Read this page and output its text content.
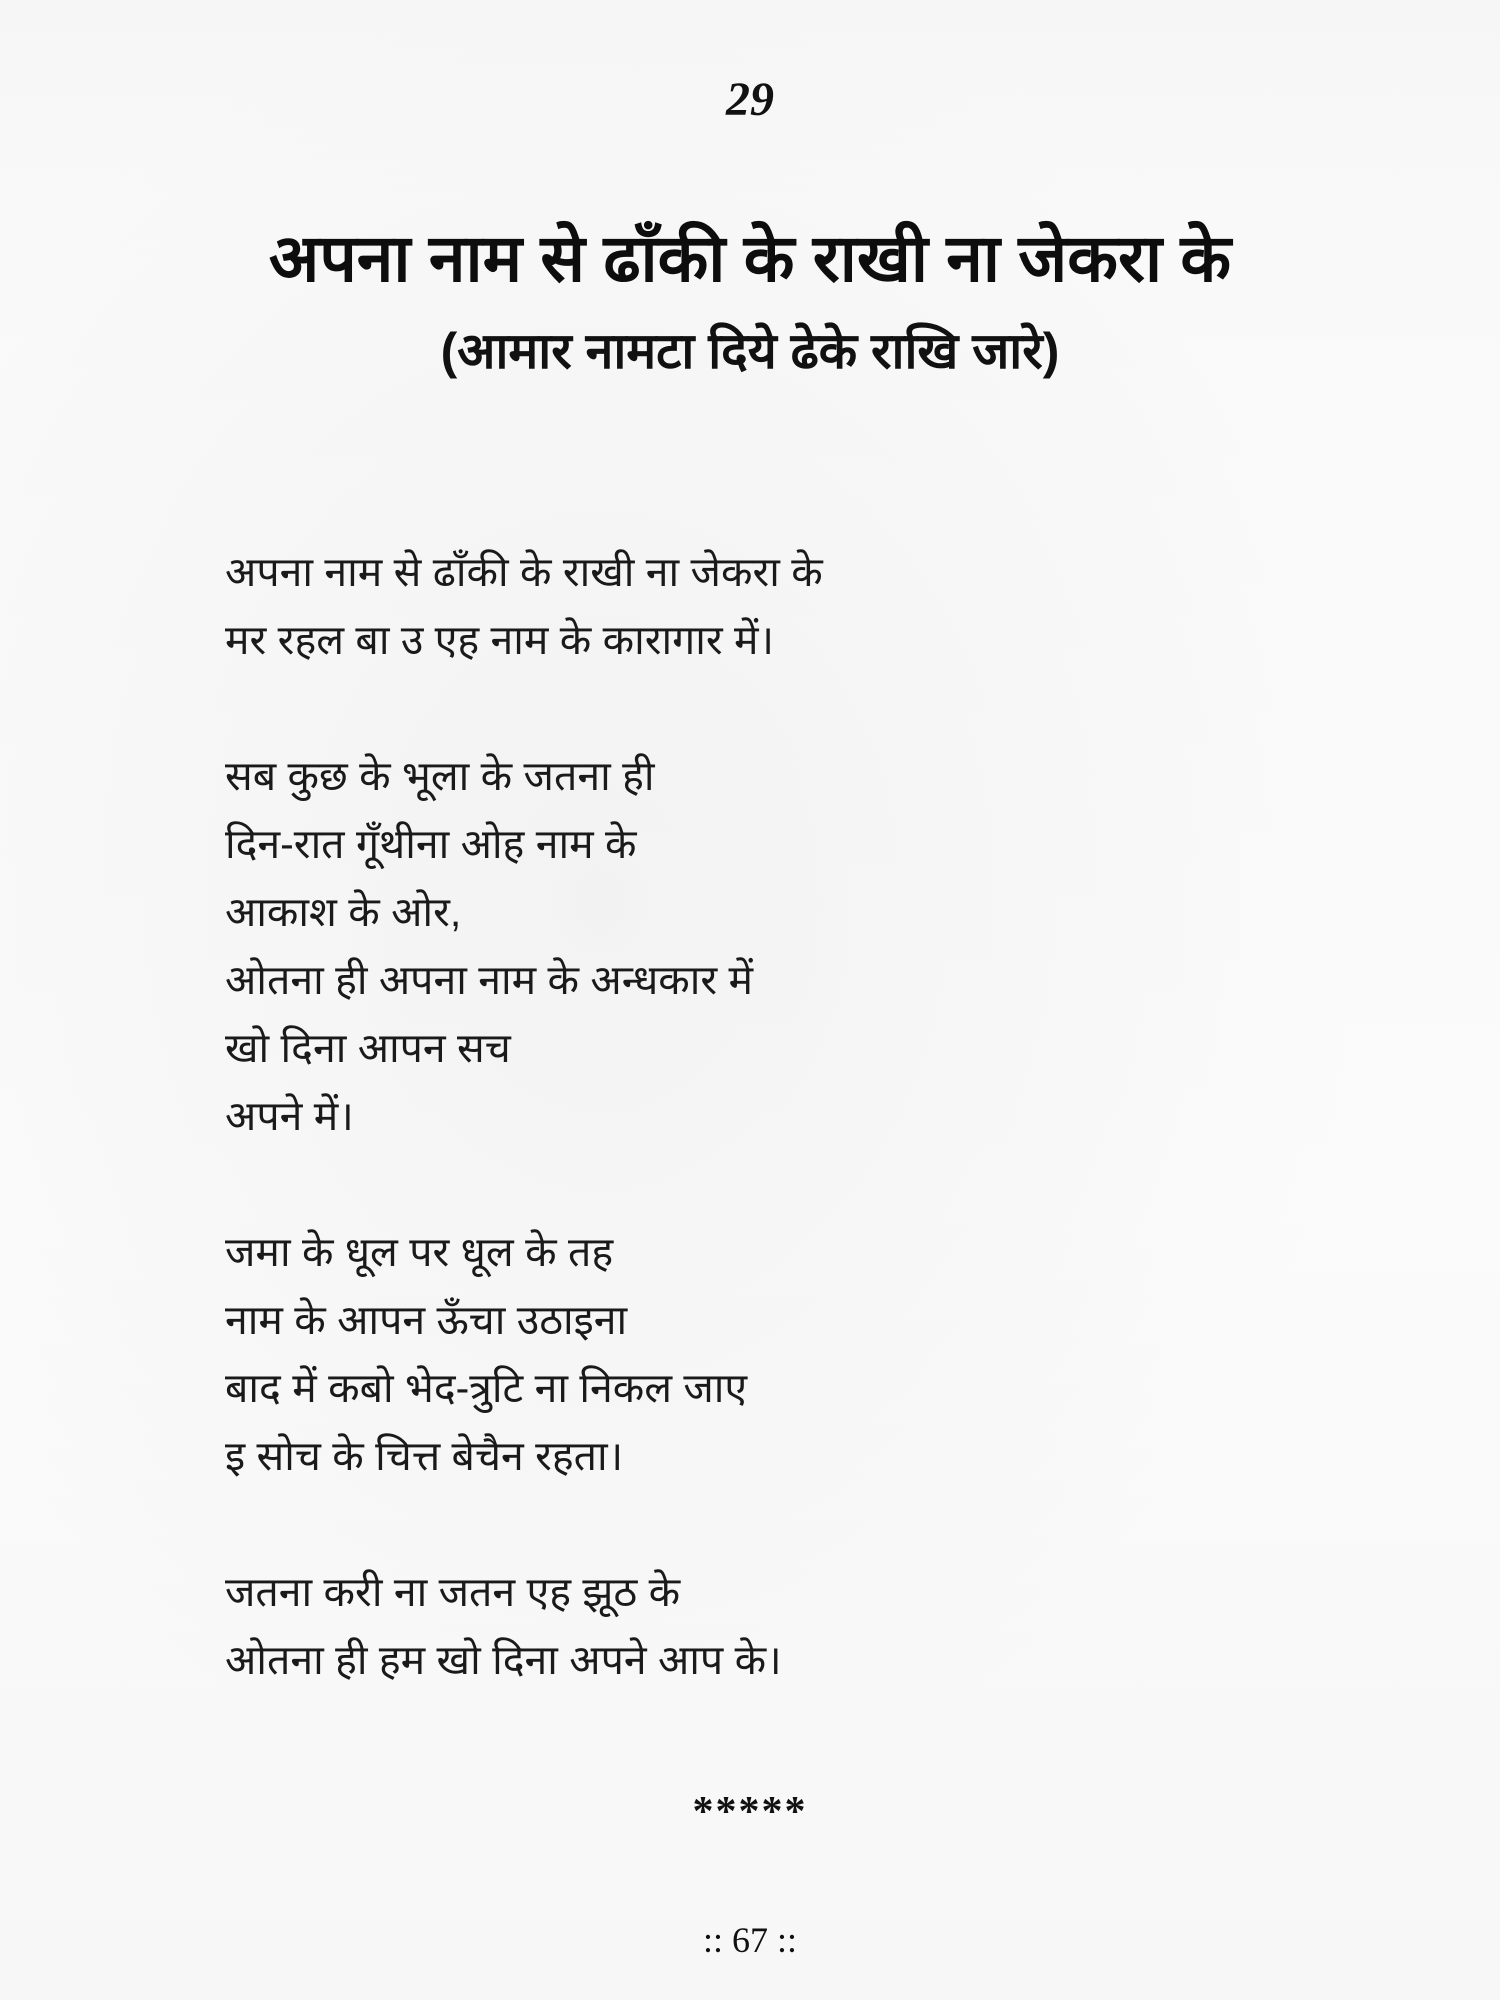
29
अपना नाम से ढाँकी के राखी ना जेकरा के
(आमार नामटा दिये ढेके राखि जारे)
अपना नाम से ढाँकी के राखी ना जेकरा के
मर रहल बा उ एह नाम के कारागार में।
सब कुछ के भूला के जतना ही
दिन-रात गूँथीना ओह नाम के
आकाश के ओर,
ओतना ही अपना नाम के अन्धकार में
खो दिना आपन सच
अपने में।
जमा के धूल पर धूल के तह
नाम के आपन ऊँचा उठाइना
बाद में कबो भेद-त्रुटि ना निकल जाए
इ सोच के चित्त बेचैन रहता।
जतना करी ना जतन एह झूठ के
ओतना ही हम खो दिना अपने आप के।
*****
:: 67 ::
